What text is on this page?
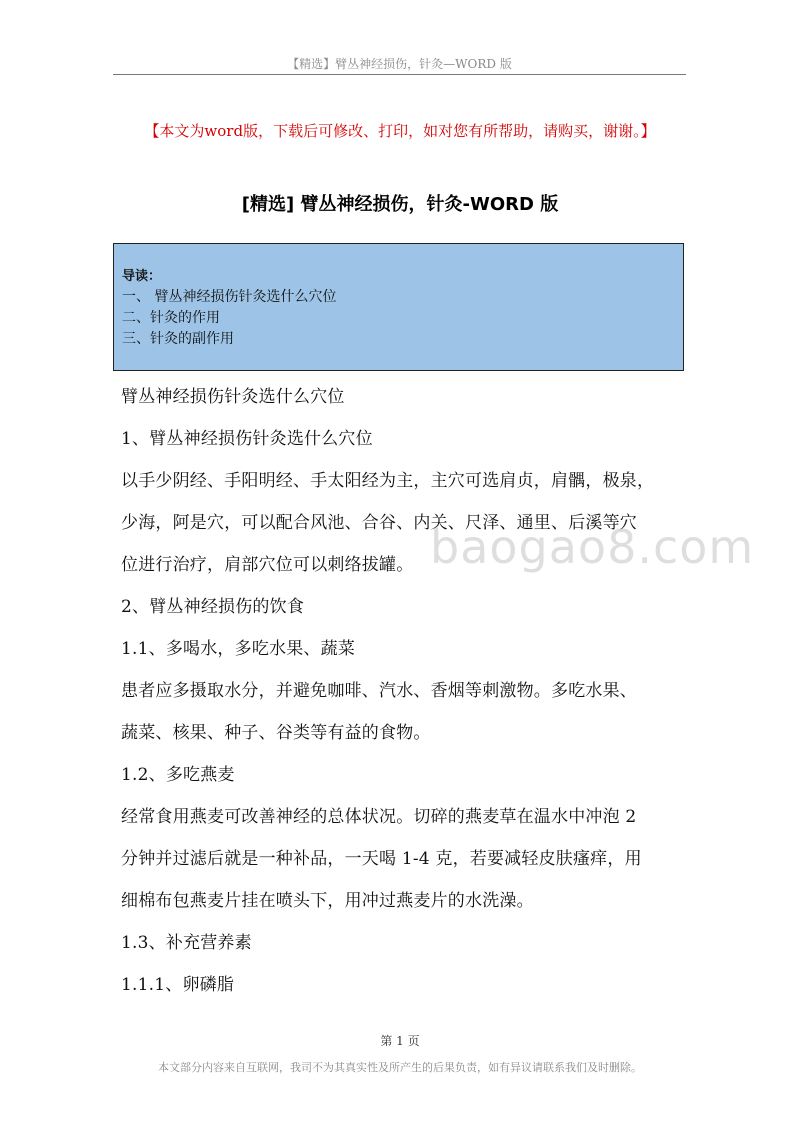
【精选】臂丛神经损伤，针灸—WORD 版
【本文为word版，下载后可修改、打印，如对您有所帮助，请购买，谢谢。】
[精选] 臂丛神经损伤，针灸-WORD 版
导读：
一、 臂丛神经损伤针灸选什么穴位
二、针灸的作用
三、针灸的副作用
baogao8.com

臂丛神经损伤针灸选什么穴位

1、臂丛神经损伤针灸选什么穴位

以手少阴经、手阳明经、手太阳经为主，主穴可选肩贞，肩髃，极泉，

少海，阿是穴，可以配合风池、合谷、内关、尺泽、通里、后溪等穴

位进行治疗，肩部穴位可以刺络拔罐。

2、臂丛神经损伤的饮食

1.1、多喝水，多吃水果、蔬菜

患者应多摄取水分，并避免咖啡、汽水、香烟等刺激物。多吃水果、

蔬菜、核果、种子、谷类等有益的食物。

1.2、多吃燕麦

经常食用燕麦可改善神经的总体状况。切碎的燕麦草在温水中冲泡 2

分钟并过滤后就是一种补品，一天喝 1-4 克，若要减轻皮肤瘙痒，用

细棉布包燕麦片挂在喷头下，用冲过燕麦片的水洗澡。

1.3、补充营养素

1.1.1、卵磷脂

第 1 页
本文部分内容来自互联网，我司不为其真实性及所产生的后果负责，如有异议请联系我们及时删除。
